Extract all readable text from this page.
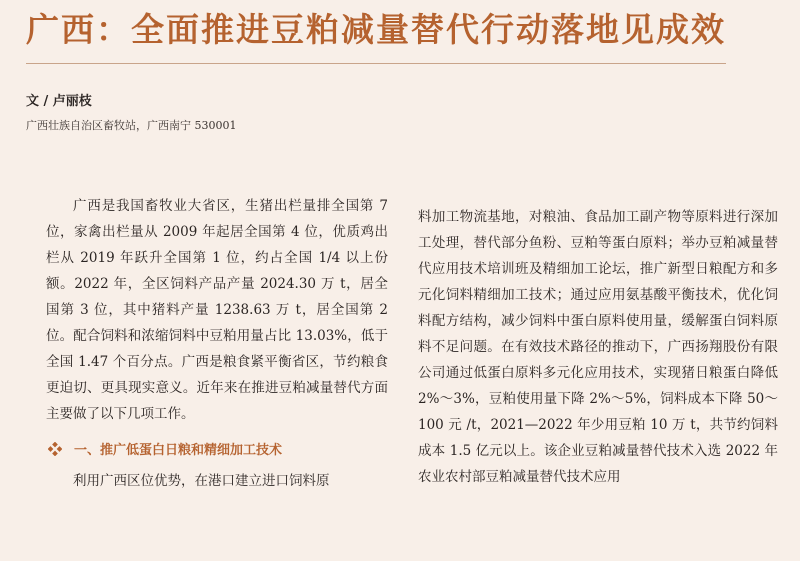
广西：全面推进豆粕减量替代行动落地见成效
文 / 卢丽枝
广西壮族自治区畜牧站，广西南宁 530001

广西是我国畜牧业大省区，生猪出栏量排全国第 7 位，家禽出栏量从 2009 年起居全国第 4 位，优质鸡出栏从 2019 年跃升全国第 1 位，约占全国 1/4 以上份额。2022 年，全区饲料产品产量 2024.30 万 t，居全国第 3 位，其中猪料产量 1238.63 万 t，居全国第 2 位。配合饲料和浓缩饲料中豆粕用量占比 13.03%，低于全国 1.47 个百分点。广西是粮食紧平衡省区，节约粮食更迫切、更具现实意义。近年来在推进豆粕减量替代方面主要做了以下几项工作。

一、推广低蛋白日粮和精细加工技术

利用广西区位优势，在港口建立进口饲料原

料加工物流基地，对粮油、食品加工副产物等原料进行深加工处理，替代部分鱼粉、豆粕等蛋白原料；举办豆粕减量替代应用技术培训班及精细加工论坛，推广新型日粮配方和多元化饲料精细加工技术；通过应用氨基酸平衡技术，优化饲料配方结构，减少饲料中蛋白原料使用量，缓解蛋白饲料原料不足问题。在有效技术路径的推动下，广西扬翔股份有限公司通过低蛋白原料多元化应用技术，实现猪日粮蛋白降低 2%～3%，豆粕使用量下降 2%～5%，饲料成本下降 50～100 元 /t，2021—2022 年少用豆粕 10 万 t，共节约饲料成本 1.5 亿元以上。该企业豆粕减量替代技术入选 2022 年农业农村部豆粕减量替代技术应用
